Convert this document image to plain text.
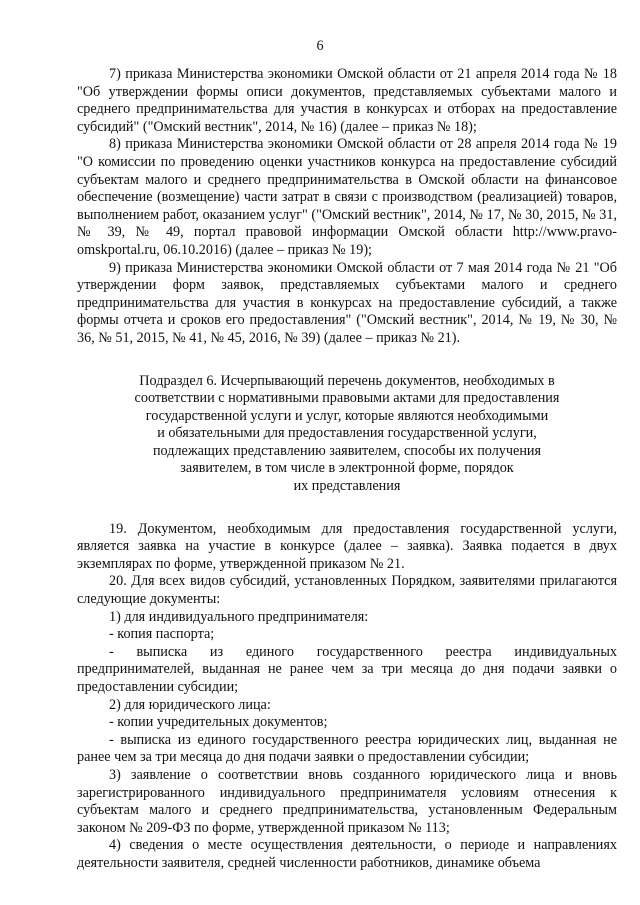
6

7) приказа Министерства экономики Омской области от 21 апреля 2014 года № 18 "Об утверждении формы описи документов, представляемых субъектами малого и среднего предпринимательства для участия в конкурсах и отборах на предоставление субсидий" ("Омский вестник", 2014, № 16) (далее – приказ № 18);

8) приказа Министерства экономики Омской области от 28 апреля 2014 года № 19 "О комиссии по проведению оценки участников конкурса на предоставление субсидий субъектам малого и среднего предпринимательства в Омской области на финансовое обеспечение (возмещение) части затрат в связи с производством (реализацией) товаров, выполнением работ, оказанием услуг" ("Омский вестник", 2014, № 17, № 30, 2015, № 31, № 39, № 49, портал правовой информации Омской области http://www.pravo-omskportal.ru, 06.10.2016) (далее – приказ № 19);

9) приказа Министерства экономики Омской области от 7 мая 2014 года № 21 "Об утверждении форм заявок, представляемых субъектами малого и среднего предпринимательства для участия в конкурсах на предоставление субсидий, а также формы отчета и сроков его предоставления" ("Омский вестник", 2014, № 19, № 30, № 36, № 51, 2015, № 41, № 45, 2016, № 39) (далее – приказ № 21).

Подраздел 6. Исчерпывающий перечень документов, необходимых в
соответствии с нормативными правовыми актами для предоставления
государственной услуги и услуг, которые являются необходимыми
и обязательными для предоставления государственной услуги,
подлежащих представлению заявителем, способы их получения
заявителем, в том числе в электронной форме, порядок
их представления

19. Документом, необходимым для предоставления государственной услуги, является заявка на участие в конкурсе (далее – заявка). Заявка подается в двух экземплярах по форме, утвержденной приказом № 21.

20. Для всех видов субсидий, установленных Порядком, заявителями прилагаются следующие документы:

1) для индивидуального предпринимателя:

- копия паспорта;

- выписка из единого государственного реестра индивидуальных предпринимателей, выданная не ранее чем за три месяца до дня подачи заявки о предоставлении субсидии;

2) для юридического лица:

- копии учредительных документов;

- выписка из единого государственного реестра юридических лиц, выданная не ранее чем за три месяца до дня подачи заявки о предоставлении субсидии;

3) заявление о соответствии вновь созданного юридического лица и вновь зарегистрированного индивидуального предпринимателя условиям отнесения к субъектам малого и среднего предпринимательства, установленным Федеральным законом № 209-ФЗ по форме, утвержденной приказом № 113;

4) сведения о месте осуществления деятельности, о периоде и направлениях деятельности заявителя, средней численности работников, динамике объема
